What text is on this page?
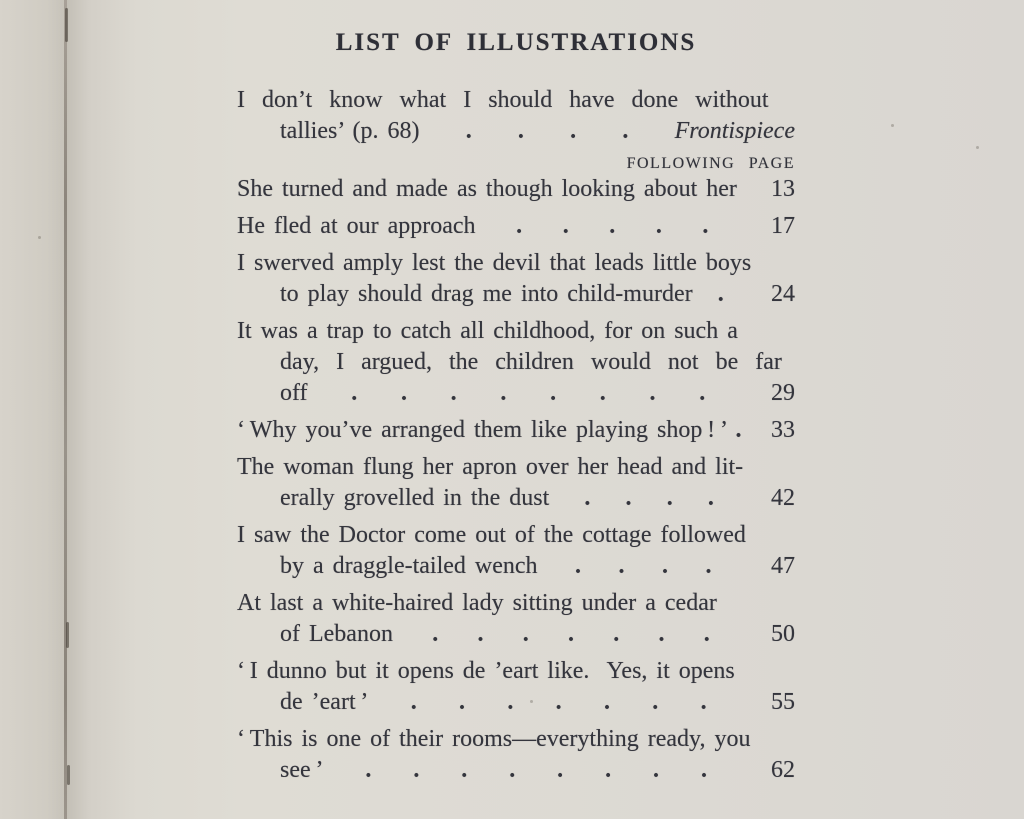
LIST OF ILLUSTRATIONS
I don’t know what I should have done without
tallies’ (p. 68) . . . . Frontispiece
FOLLOWING PAGE
She turned and made as though looking about her	13
He fled at our approach . . . . .	17
I swerved amply lest the devil that leads little boys
to play should drag me into child-murder .	24
It was a trap to catch all childhood, for on such a
day, I argued, the children would not be far
off . . . . . . . .	29
‘ Why you’ve arranged them like playing shop ! ’ .	33
The woman flung her apron over her head and lit-
erally grovelled in the dust . . . .	42
I saw the Doctor come out of the cottage followed
by a draggle-tailed wench . . . .	47
At last a white-haired lady sitting under a cedar
of Lebanon . . . . . . .	50
‘ I dunno but it opens de ’eart like.  Yes, it opens
de ’eart ’ . . . . . . .	55
‘ This is one of their rooms—everything ready, you
see ’ . . . . . . . .	62
